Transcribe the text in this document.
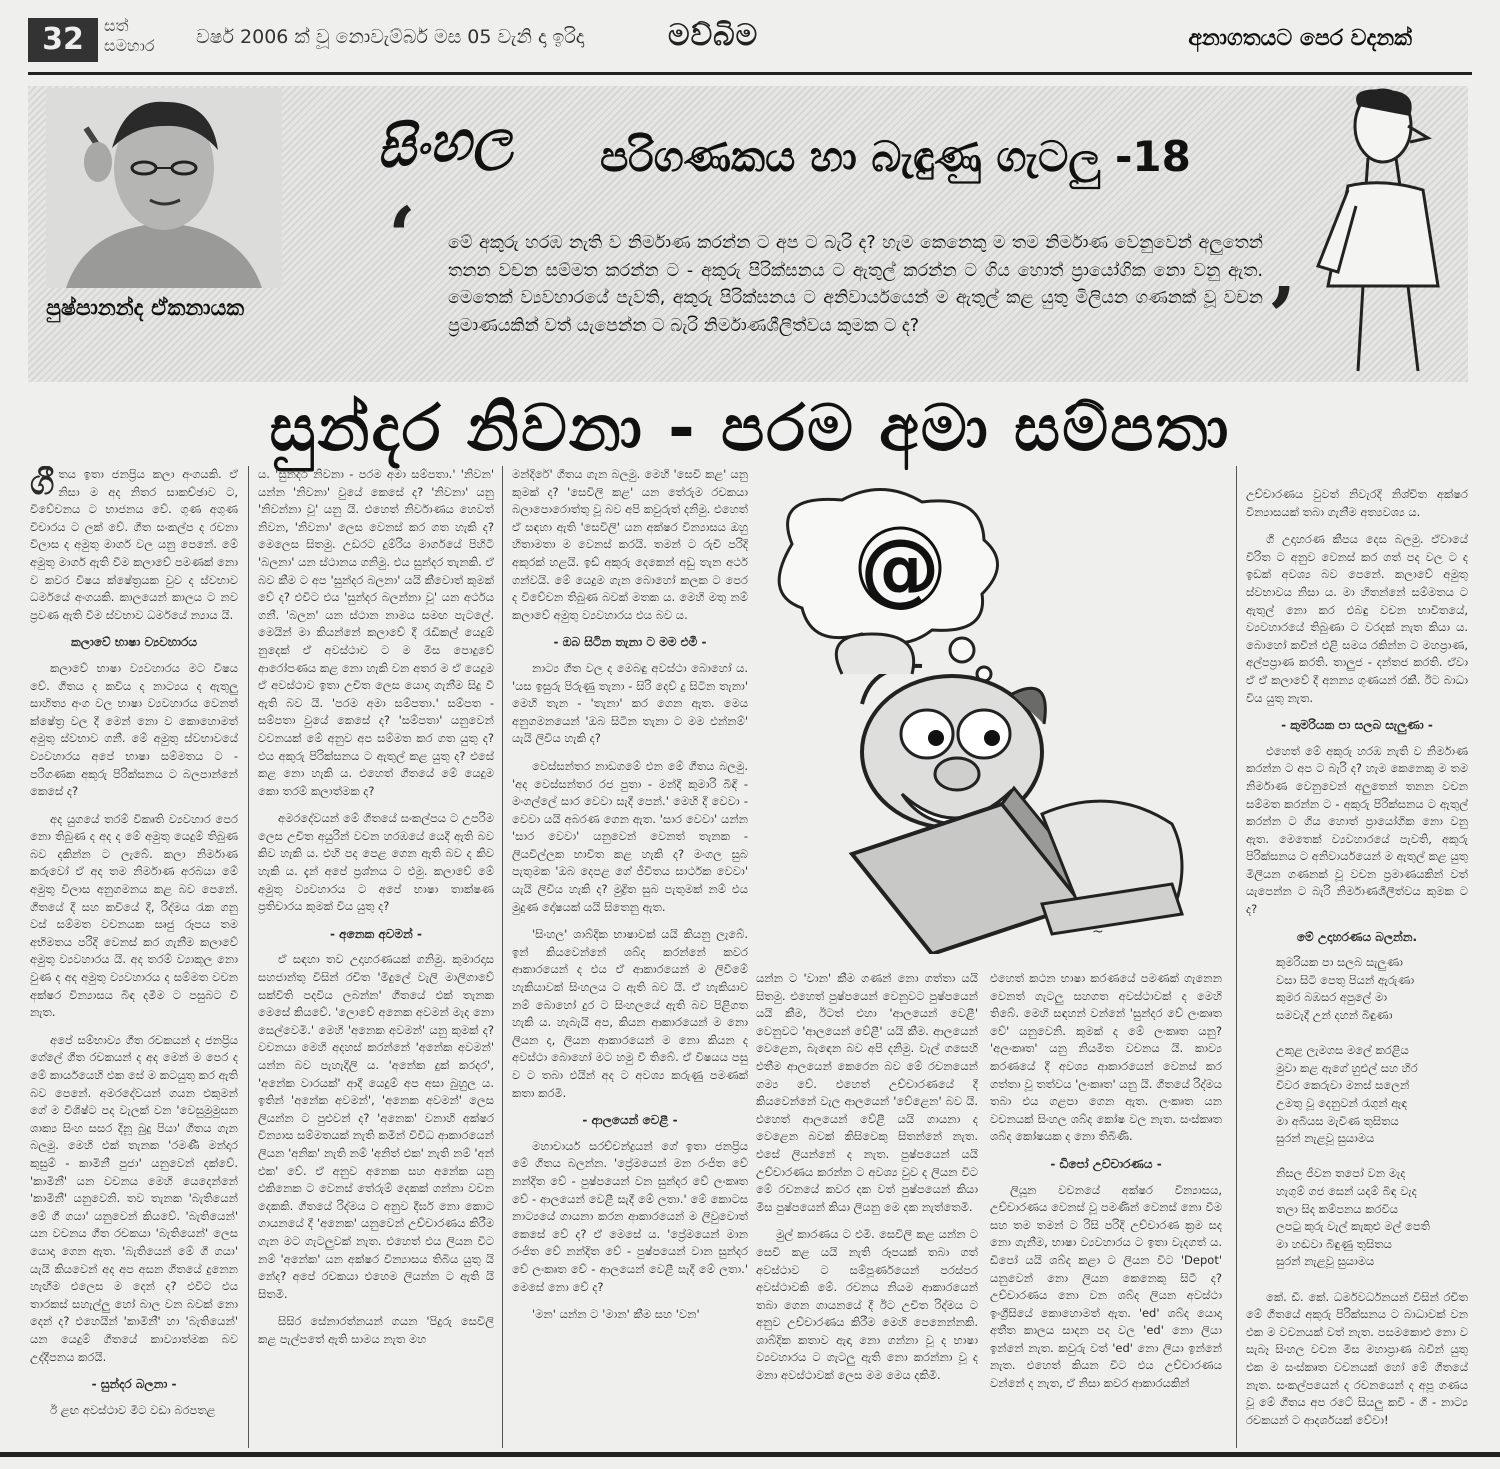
32	සත් සමහාර	වර්ෂ 2006 ක් වූ නොවැම්බර් මස 05 වැනි දා ඉරිදා	මව්බිම	අනාගතයට පෙර වදනක්
පුෂ්පානන්ද ඒකනායක
සිංහල පරිගණකය හා බැඳුණු ගැටලු -18
‘ මේ අකුරු හරඹ නැති ව නිර්මාණ කරන්න ට අප ට බැරි ද? හැම කෙනෙකු ම තම නිර්මාණ වෙනුවෙන් අලුතෙන් තනන වචන සම්මත කරන්න ට - අකුරු පිරික්සනය ට ඇතුල් කරන්න ට ගිය හොත් ප්‍රායෝගික නො වනු ඇත. මෙතෙක් ව්‍යවහාරයේ පැවති, අකුරු පිරික්සනය ට අනිවාර්යයෙන් ම ඇතුල් කළ යුතු මිලියන ගණනක් වූ වචන ප්‍රමාණයකින් වත් යැපෙන්න ට බැරි නිර්මාණශීලීත්වය කුමක ට ද?	’
සුන්දර නිවනා - පරම අමා සම්පතා
ගී තය ඉතා ජනප්‍රිය කලා අංගයකි. ඒ නිසා ම අද නිතර සාකච්ඡාව ට, විවේචනය ට භාජනය වේ. ගුණ අගුණ විචාරය ට ලක් වේ. ගීත සංකල්ප ද රචනා විලාස ද අමුතු මාර්ග වල යනු පෙනේ. මේ අමුතු මාර්ග ඇති වීම කලාවේ පමණක් නො ව කවර විෂය ක්ෂේත්‍රයක වුව ද ස්වභාව ධර්මයේ අංගයකි. කාලයෙන් කාලය ට නව ප්‍රවණ ඇති වීම ස්වභාව ධර්මයේ න්‍යාය යි.

කලාවේ භාෂා ව්‍යවහාරය

කලාවේ භාෂා ව්‍යවහාරය මට විෂය වේ. ගීතය ද කවිය ද නාට්‍යය ද ඇතුලු සාහිත්‍ය අංග වල භාෂා ව්‍යවහාරය වෙනත් ක්ෂේත්‍ර වල දී මෙන් නො ව කොහොමත් අමුතු ස්වභාව ගනී. මේ අමුතු ස්වභාවයේ ව්‍යවහාරය අපේ භාෂා සම්මතය ට - පරිගණක අකුරු පිරික්සනය ට බලපාන්නේ කෙසේ ද?

අද යුගයේ තරම් විකෘති ව්‍යවහාර පෙර නො තිබුණ ද අද ද මේ අමුතු යෙදුම් තිබුණ බව දකින්න ට ලැබේ. කලා නිර්මාණ කරුවෝ ඒ අද තම නිර්මාණ අරබයා මේ අමුතු විලාස අනුගමනය කළ බව පෙනේ. ගීතයේ දී සහ කවියේ දී, රිද්මය රැක ගනු වස් සම්මත වචනයක සෘජු රූපය තම අභිමතය පරිදි වෙනස් කර ගැනීම කලාවේ අමුතු ව්‍යවහාරය යි. අද තරම් ව්‍යාකූල නො වුණ ද අද අමුතු ව්‍යවහාරය ද සම්මත වචන අක්ෂර වින්‍යාසය බිඳ දමීම ට පසුබට වී නැත.

අපේ සම්භාව්‍ය ගීත රචකයන් ද ජනප්‍රිය ගේලේ ගීත රචකයන් ද අද මෙන් ම පෙර ද මේ කාර්යයෙහි එක සේ ම කටයුතු කර ඇති බව පෙනේ. අමරදේවයන් ගයන එකුමන් ගේ ම විශිෂ්ට පද වැලක් වන 'වෙසුමුමුසන ශාක්‍ය සිංහ සසර දිනූ බුදු පියා' ගීතය ගැන බලමු. මෙහි එක් තැනක 'රමණී මන්දාර කුසුම් - කාමිනී පුජා' යනුවෙන් දක්වේ. 'කාමිනී' යන වචනය මෙහි යෙදෙන්නේ 'කාමිනී' යනුවෙනි. තව තැනක 'බැතියෙන් මේ ගී ගයා' යනුවෙන් කියවේ. 'බැතියෙන්' යන වචනය ගීත රචකයා 'බැතියෙන්' ලෙස යොදා ගෙන ඇත. 'බැතියෙන් මේ ගී ගයා' යැයි කියවෙන් අද අප අසන ගීතයේ දුනෙන හැඟීම එලෙස ම දෙන් ද? එවිට එය තාරකස් සහැල්ලු හෝ බාල වන බවක් නො දෙන් ද? එහෙයින් 'කාමිනී' හා 'බැතියෙන්' යන යෙදුම් ගීතයේ කාව්‍යාත්මක බව උද්දීපනය කරයි.

- සුන්දර බලනා -

ඊ ළඟ අවස්ථාව මීට වඩා බරපතළ

ය. 'සුන්දර නිවනා - පරම අමා සම්පතා.' 'නිවන' යන්න 'නිවනා' වුයේ කෙසේ ද? 'නිවනා' යනු 'නිවන්නා වූ' යනු යි. එහෙත් නිර්වාණය හෙවත් නිවන, 'නිවනා' ලෙස වෙනස් කර ගත හැකි ද? මෙලෙස සිතමු. උඩරට දුම්රිය මාර්ගයේ පිහිටි 'බලනා' යන ස්ථානය ගනිමු. එය සුන්දර තැනකි. ඒ බව කීම ට අප 'සුන්දර බලනා' යයි කීවොත් කුමක් වේ ද? එවිට එය 'සුන්දර බලන්නා වූ' යන අර්ථය ගනී. 'බලන' යන ස්ථාන නාමය සමඟ පැටලේ. මෙයින් මා කියන්නේ කලාවේ දී රැඩිකල් යෙදුම් නුදෙක් ඒ අවස්ථාව ට ම මිස පොදුවේ ආරෝපණය කළ නො හැකි වන අතර ම ඒ යෙදුම ඒ අවස්ථාව ඉතා උචිත ලෙස යොදා ගැනීම සිදු වී ඇති බව යි. 'පරම අමා සම්පතා.' සම්පත - සම්පතා වුයේ කෙසේ ද? 'සම්පතා' යනුවෙන් වචනයක් මේ අනුව අප සම්මත කර ගත යුතු ද? එය අකුරු පිරික්සනය ට ඇතුල් කළ යුතු ද? එසේ කළ නො හැකි ය. එහෙත් ගීතයේ මේ යෙදුම කො තරම් කලාත්මක ද?

අමරදේවයන් මේ ගීතයේ සංකල්පය ට උපරිම ලෙස උචිත අයුරින් වචන හරඹයේ යෙදී ඇති බව කිව හැකි ය. එහි පද පෙළ ගෙන ඇති බව ද කිව හැකි ය. දැන් අපේ ප්‍රශ්නය ට එමු. කලාවේ මේ අමුතු ව්‍යවහාරය ට අපේ භාෂා තාක්ෂණ ප්‍රතිචාරය කුමක් විය යුතු ද?

- අනෙක අවමන් -

ඒ සඳහා තව උදාහරණයක් ගනිමු. කුමාරදාස සහජාන්තු විසින් රචිත 'මිදුලේ වැලි මාලිගාවේ සක්විති පදවිය ලබන්න' ගීතයේ එක් තැනක මෙසේ කියවේ. 'ලොවේ අනෙක අවමන් මැද නො සෙල්වෙමි.' මෙහි 'අනෙක අවමන්' යනු කුමක් ද? වචනයා මෙහි අදහස් කරන්නේ 'අනේක අවමන්' යන්න බව පැහැදිලි ය. 'අනේක දුක් කරදර', 'අනේක වාරයක්' ආදී යෙදුම් අප අසා බුහුල ය. ඉතින් 'අනේක අවමන්', 'අනෙක අවමන්' ලෙස ලියන්න ට පුළුවන් ද? 'අනෙක' වනාහි අක්ෂර වින්‍යාස සම්මතයක් නැති කමින් විවිධ ආකාරයෙන් ලියන 'අනික' නැති නම් 'අනිත් එක' නැති නම් 'අන් එක' වේ. ඒ අනුව අනෙක සහ අනේක යනු එකිනෙක ට වෙනස් තේරුම් දෙකක් ගන්නා වචන දෙකකි. ගීතයේ රිද්මය ට අනුව දීර්ඝ නො කොට ගායනයේ දී 'අනෙක' යනුවෙන් උච්චාරණය කිරීම ගැන මට ගැටලුවක් නැත. එහෙත් එය ලියන විට නම් 'අනේක' යන අක්ෂර වින්‍යාසය තිබිය යුතු යි නේද? අපේ රචකයා එහෙම ලියන්න ට ඇති යි සිතමි.

සිසිර සේනාරත්නයන් ගයන 'පිදුරු සෙවිලි කළ පැල්පතේ ඇති සාමය නැත මහ

මන්දිරේ' ගීතය ගැන බලමු. මෙහි 'සෙවි කළ' යනු කුමක් ද? 'සෙවිලි කළ' යන තේරුම රචකයා බලාපොරොත්තු වූ බව අපි කවුරුත් දනිමු. එහෙත් ඒ සඳහා ඇති 'සෙවිලි' යන අක්ෂර වින්‍යාසය ඔහු හිතාමතා ම වෙනස් කරයි. තමන් ට රුචි පරිදි අකුරක් හළයි. ඉඩ් අකුරු දෙකෙන් අඩු තැන අර්ථ ගන්වයි. මේ යෙදුම ගැන බොහෝ කලක ට පෙර ද විවේචන තිබුණ බවක් මතක ය. මෙහි මතු නම් කලාවේ අමුතු ව්‍යවහාරය එය බව ය.

- ඔබ සිටින තැනා ට මම එමී -

නාට්‍ය ගීත වල ද මෙබඳු අවස්ථා බොහෝ ය. 'යස ඉසුරු පිරුණු තැනා - සිරි දෙව් දු සිටින තැනා' මෙහි තැන - 'තැනා' කර ගෙන ඇත. මෙය අනුගමනයෙන් 'ඔබ සිටින තැනා ට මම එන්නම්' යැයි ලිවිය හැකි ද?

වෙස්සන්තර නාඩගමේ එන මේ ගීතය බලමු. 'අද වෙස්සන්තර රජ පුතා - මන්දි කුමාරි බිඳි - මංගල්ලේ සාර වෙවා සැදී පෙන්.' මෙහි දී වෙවා - වෙවා යයි අබරණ ගෙන ඇත. 'සාර වෙවා' යන්න 'සාර වෙවා' යනුවෙන් වෙනත් තැනක - ලියවිල්ලක භාවිත කළ හැකි ද? මංගල සුබ පැතුමක 'ඔබ දෙපළ ගේ ජීවිතය සාර්ථක වෙවා' යැයි ලිවිය හැකි ද? මුද්‍රිත සුබ පැතුමක් නම් එය මුදුණ දෝෂයක් යයි සිතෙනු ඇත.

'සිංහල' ශාබ්දික භාෂාවක් යයි කියනු ලැබේ. ඉන් කියවෙන්නේ ශබ්ද කරන්නේ කවර ආකාරයෙන් ද එය ඒ ආකාරයෙන් ම ලිවීමේ හැකියාවක් සිංහලය ට ඇති බව යි. ඒ හැකියාව නම් බොහෝ දුර ට සිංහලයේ ඇති බව පිළිගත හැකි ය. හැබැයි අප, කියන ආකාරයෙන් ම නො ලියන ද, ලියන ආකාරයෙන් ම නො කියන ද අවස්ථා බොහෝ මට හමු වී තිබේ. ඒ විෂයය පසු ව ට තබා එයින් අද ට අවශ්‍ය කරුණු පමණක් කතා කරමි.

- ආලයෙන් වෙළී -

මහාචාර්ය සරච්චන්ද්‍රයන් ගේ ඉතා ජනප්‍රිය මේ ගීතය බලන්න. 'ප්‍රේමයෙන් මන රංජිත වේ නන්දිත වේ - පුෂ්පයෙන් වන සුන්දර වේ ලංකෘත වේ - ආලයෙන් වෙළී සැදී මේ ලතා.' මේ කොටස නාට්‍යයේ ගායනා කරන ආකාරයෙන් ම ලිවුවොත් කෙසේ වේ ද? ඒ මෙසේ ය. 'ප්‍රේමයෙන් මාන රංජිත වේ නන්දිත වේ - පුෂ්පයෙන් වාන සුන්දර වේ ලංකෘත වේ - ආලයෙන් වෙළී සැදී මේ ලතා.' මෙසේ නො වේ ද?

'මන' යන්න ට 'මාන' කීම සහ 'වන'

@
~

යන්න ට 'වාන' කීම ගණන් නො ගත්තා යයි සිතමු. එහෙත් පුෂ්පයෙන් වෙනුවට පුෂ්පයෙන් යයි කීම, ඊටත් එහා 'ආලයෙන් වෙළී' වෙනුවට 'ආලයෙන් වේළී' යයි කීම. ආලයෙන් වෙළෙන, බැඳෙන බව අපි දනිමු. වැල් ගසෙහි එතීම ආලයෙන් කෙරෙන බව මේ රචනයෙන් ගම්‍ය වේ. එහෙත් උච්චාරණයේ දී කියවෙන්නේ වැල ආලයෙන් 'වේළෙන' බව යි. එහෙත් ආලයෙන් වේළී යයි ගායනා ද වෙළෙන බවක් කිසිවෙකු සිතන්නේ නැත. එසේ ලියන්නේ ද නැත. පුෂ්පයෙන් යයි උච්චාරණය කරන්න ට අවශ්‍ය වුව ද ලියන විට මේ රචනයේ කවර දක වත් පුෂ්පයෙන් කියා මීස පුෂ්පයෙන් කියා ලියනු මෙ දක නැත්තෙමි.

මුල් කාරණය ට එමි. සෙවිලි කළ යන්න ට සෙවි කළ යයි නැති රූපයක් තබා ගත් අවස්ථාව ට සම්පූර්ණයෙන් පරස්පර අවස්ථාවකි මේ. රචනය නියම ආකාරයෙන් තබා ගෙන ගායනයේ දී ඊට උචිත රිද්මය ට අනුව උච්චාරණය කිරීම මෙහි පෙනෙන්නකි. ශාබ්දික කතාව ඇඳා නො ගන්නා වූ ද භාෂා ව්‍යවහාරය ට ගැටලු ඇති නො කරන්නා වූ ද මනා අවස්ථාවක් ලෙස මම මෙය දකිමි.

එහෙත් කථන භාෂා කරණයේ පමණක් ගැනෙන වෙනත් ගැටලු සහගත අවස්ථාවක් ද මෙහි තිබේ. මෙහි සඳහන් වන්නේ 'සුන්දර වේ ලංකෘත වේ' යනුවෙනි. කුමක් ද මේ ලංකෘත යනු? 'අලංකෘත' යනු නියමිත වචනය යි. කාව්‍ය කරණයේ දී අවශ්‍ය ආකාරයෙන් වෙනස් කර ගත්තා වූ තත්වය 'ලංකෘත' යනු යි. ගීතයේ රිද්මය තබා එය ගළපා ගෙන ඇත. ලංකෘත යන වචනයක් සිංහල ශබ්ද කෝෂ වල නැත. සංස්කෘත ශබ්ද කෝෂයක ද නො තිබිණි.

- ඩිපෝ උච්චාරණය -

ලියූන වචනයේ අක්ෂර වින්‍යාසය, උච්චාරණය වෙනස් වූ පමණින් වෙනස් නො වීම සහ තම තමන් ට රිසි පරිදි උච්චාරණ ක්‍රම සද නො ගැනීම, භාෂා ව්‍යවහාරය ට ඉතා වැදගත් ය. ඩිපෝ යයි ශබ්ද කළා ට ලියන විට 'Depot' යනුවෙන් නො ලියන කෙනෙකු සිටී ද? උච්චාරණය නො වන ශබ්ද ලියන අවස්ථා ඉංග්‍රීසියේ කොහොමත් ඇත. 'ed' ශබ්ද යොදා අතීත කාලය සාදන පද වල 'ed' නො ලියා ඉන්නේ නැත. කවුරු වත් 'ed' නො ලියා ඉන්නේ නැත. එහෙත් කියන විට එය උච්චාරණය වන්නේ ද නැත, ඒ නිසා කවර ආකාරයකින්

උච්චාරණය වුවත් නිවැරදි නිශ්චිත අක්ෂර වින්‍යාසයක් තබා ගැනීම අත්‍යවශ්‍ය ය.

ගී උදාහරණ කීපය දෙස බලමු. ඒවායේ විරිත ට අනුව වෙනස් කර ගත් පද වල ට ද ඉඩක් අවශ්‍ය බව පෙනේ. කලාවේ අමුතු ස්වභාවය නිසා ය. මා හිතන්නේ සම්මතය ට ඇතුල් නො කර එබඳු වචන භාවිතයේ, ව්‍යවහාරයේ තිබුණා ට වරදක් නැත කියා ය. බොහෝ කවීන් එළි සමය රකින්න ට මහප්‍රාණ, අල්පප්‍රාණ කරති. තාලුජ - දන්තජ කරති. ඒවා ඒ ඒ කලාවේ දී අනන්‍ය ගුණයන් රකී. ඊට බාධා විය යුතු නැත.

- කුමරියක පා සලබ සැලුණා -

එහෙත් මේ අකුරු හරඹ නැති ව නිර්මාණ කරන්න ට අප ට බැරි ද? හැම කෙනෙකු ම තම නිර්මාණ වෙනුවෙන් අලුතෙන් තනන වචන සම්මත කරන්න ට - අකුරු පිරික්සනය ට ඇතුල් කරන්න ට ගිය හොත් ප්‍රායෝගික නො වනු ඇත. මෙතෙක් ව්‍යවහාරයේ පැවති, අකුරු පිරික්සනය ට අනිවාර්යයෙන් ම ඇතුල් කළ යුතු මිලියන ගණනක් වූ වචන ප්‍රමාණයකින් වත් යැපෙන්න ට බැරි නිර්මාණශීලීත්වය කුමක ට ද?

මේ උදාහරණය බලන්න.
කුමරියක පා සලබ සැලුණා
වසා සිටි පෙතු පියන් ඇරුණා
කුමර බඹසර අපුලේ මා
සමවැදී උන් දහන් බිඳුණා

උකුළ ලැමගස මලේ කරළිය
මුවා කළ ඇගේ හුළුල් සහ හිර
විවර කෙරුවා මනස් සලෙන්
උමතු වූ දෙනුවන් රැගුන් ඇඳ
මා අබියස මැවිණ තුසිතය
සුරන් නැළවූ සුයාමය

නිසල ජීවන තපෝ වන මැද
හැගුම් ගජ සෙන් යදම් බිඳ වැද
තලා සිද කම්පනය කරවිය
ලපටු කුරු වැල් කැකුළු මල් පෙති
මා හඬවා බිඳුණු තුසිතය
සුරන් නැළවූ සුයාමය

කේ. ඩී. කේ. ධර්මවර්ධනයන් විසින් රචිත මේ ගීතයේ අකුරු පිරික්සනය ට බාධාවක් වන එක ම වචනයක් වත් නැත. පසමකොළු නො ව සැබෑ සිංහල වචන මිස මහාප්‍රාණ බවින් යුතු එක ම සංස්කෘත වචනයක් හෝ මේ ගීතයේ නැත. සංකල්පයෙන් ද රචනයෙන් ද අපූ ගණය වූ මේ ගීතය අප රටේ සියලු කවි - ගී - නාට්‍ය රචකයන් ට ආදර්ශයක් වේවා!
